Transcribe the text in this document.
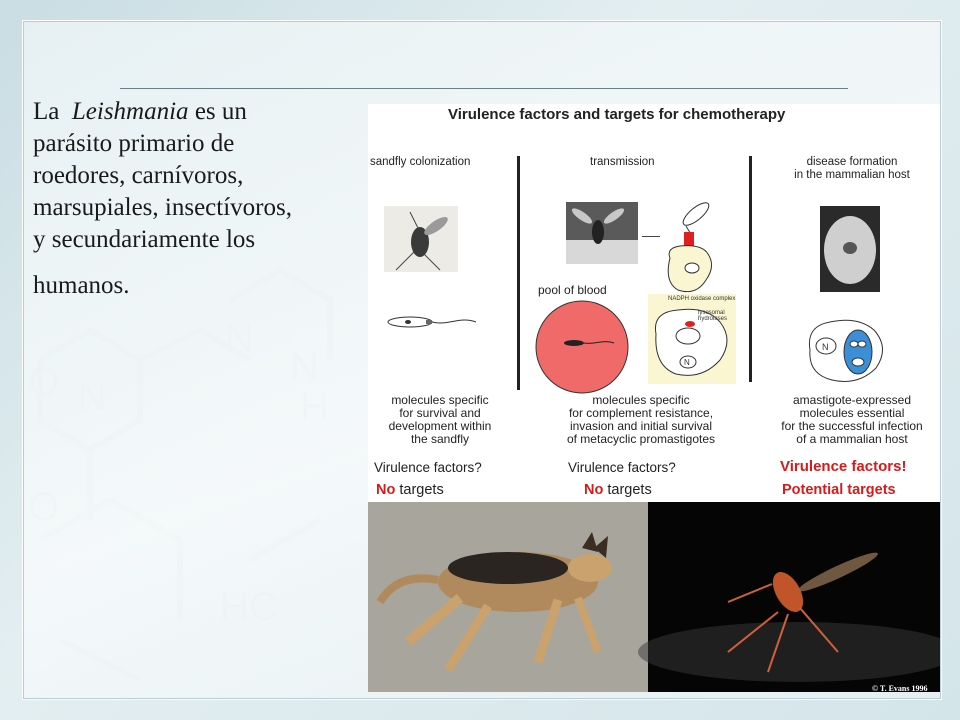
La Leishmania es un

parásito primario de

roedores, carnívoros,

marsupiales, insectívoros,

y secundariamente los

humanos.

Virulence factors and targets for chemotherapy
sandfly colonization
molecules specific
for survival and
development within
the sandfly
Virulence factors?
No targets
transmission
pool of blood
N
NADPH oxidase complex
lysosomal hydrolases
molecules specific
for complement resistance,
invasion and initial survival
of metacyclic promastigotes
Virulence factors?
No targets
disease formation
in the mammalian host
N
amastigote-expressed
molecules essential
for the successful infection
of a mammalian host
Virulence factors!
Potential targets
© T. Evans 1996
